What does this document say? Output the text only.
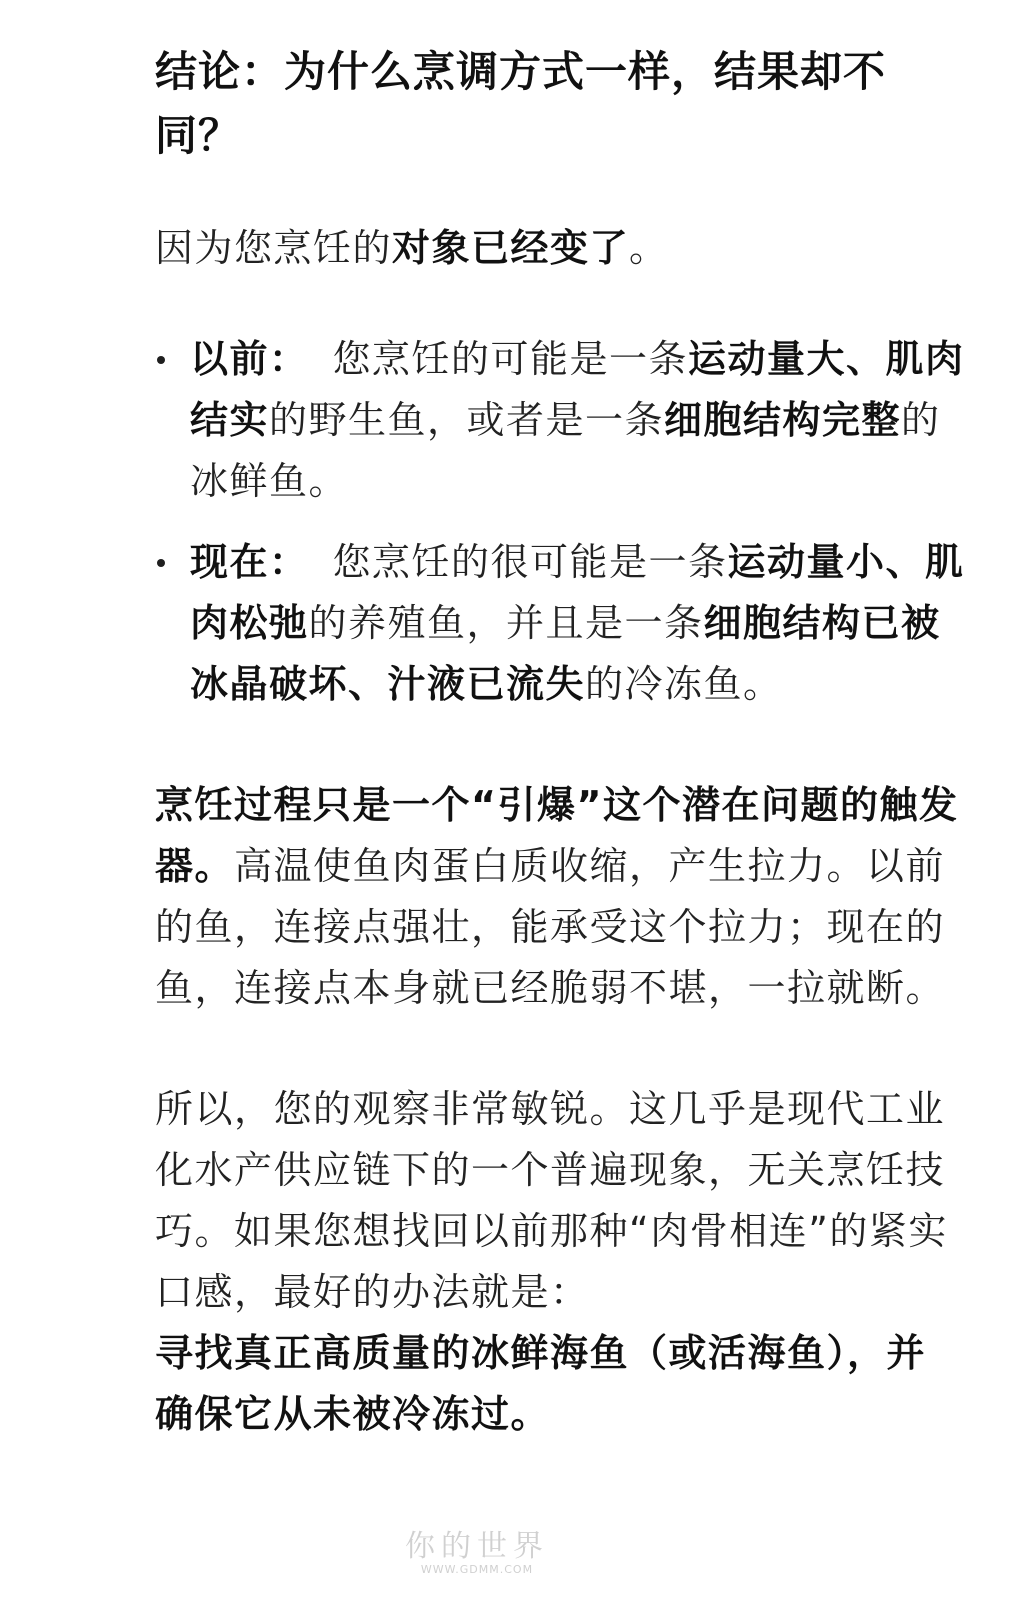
结论：为什么烹调方式一样，结果却不同？

因为您烹饪的对象已经变了。

以前： 您烹饪的可能是一条运动量大、肌肉结实的野生鱼，或者是一条细胞结构完整的冰鲜鱼。
现在： 您烹饪的很可能是一条运动量小、肌肉松弛的养殖鱼，并且是一条细胞结构已被冰晶破坏、汁液已流失的冷冻鱼。

烹饪过程只是一个“引爆”这个潜在问题的触发器。高温使鱼肉蛋白质收缩，产生拉力。以前的鱼，连接点强壮，能承受这个拉力；现在的鱼，连接点本身就已经脆弱不堪，一拉就断。

所以，您的观察非常敏锐。这几乎是现代工业化水产供应链下的一个普遍现象，无关烹饪技巧。如果您想找回以前那种“肉骨相连”的紧实口感，最好的办法就是：
寻找真正高质量的冰鲜海鱼（或活海鱼），并确保它从未被冷冻过。

你的世界
WWW.GDMM.COM
